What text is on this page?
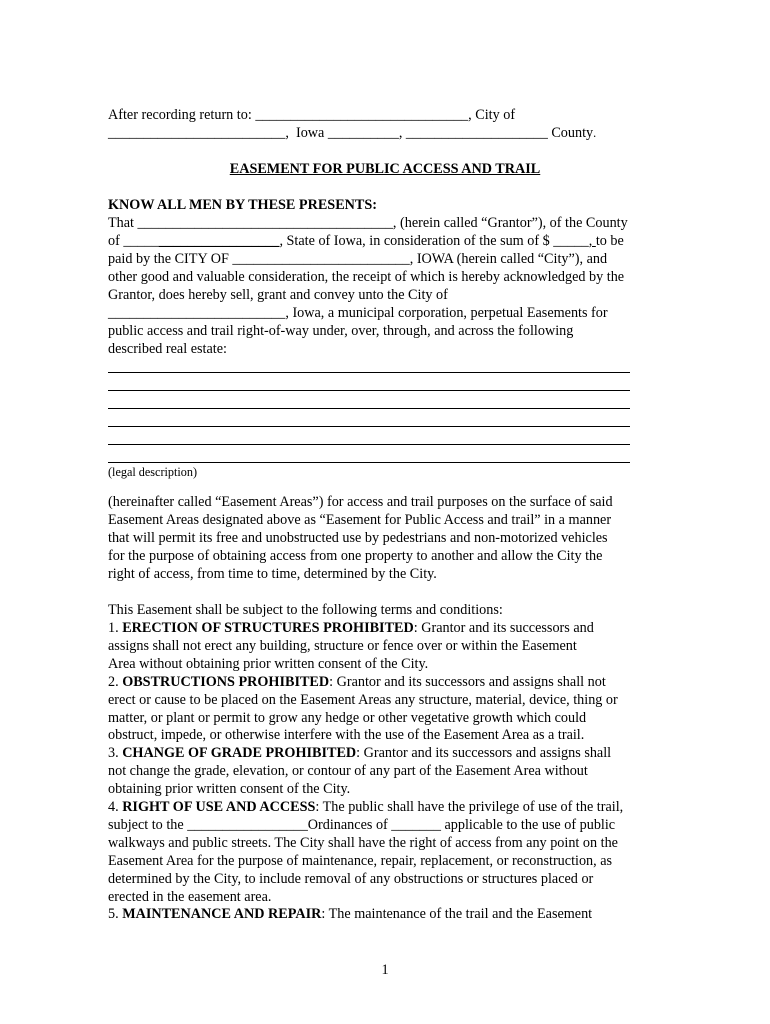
After recording return to: ______________________________, City of
_________________________,  Iowa __________, ____________________ County.
EASEMENT FOR PUBLIC ACCESS AND TRAIL
KNOW ALL MEN BY THESE PRESENTS:
That ____________________________________, (herein called “Grantor”), of the County
of ______________________, State of Iowa, in consideration of the sum of $ _____, to be
paid by the CITY OF _________________________, IOWA (herein called “City”), and
other good and valuable consideration, the receipt of which is hereby acknowledged by the
Grantor, does hereby sell, grant and convey unto the City of
_________________________, Iowa, a municipal corporation, perpetual Easements for
public access and trail right-of-way under, over, through, and across the following
described real estate:
(legal description)
(hereinafter called “Easement Areas”) for access and trail purposes on the surface of said
Easement Areas designated above as “Easement for Public Access and trail” in a manner
that will permit its free and unobstructed use by pedestrians and non-motorized vehicles
for the purpose of obtaining access from one property to another and allow the City the
right of access, from time to time, determined by the City.
This Easement shall be subject to the following terms and conditions:
1. ERECTION OF STRUCTURES PROHIBITED: Grantor and its successors and
assigns shall not erect any building, structure or fence over or within the Easement
Area without obtaining prior written consent of the City.
2. OBSTRUCTIONS PROHIBITED: Grantor and its successors and assigns shall not
erect or cause to be placed on the Easement Areas any structure, material, device, thing or
matter, or plant or permit to grow any hedge or other vegetative growth which could
obstruct, impede, or otherwise interfere with the use of the Easement Area as a trail.
3. CHANGE OF GRADE PROHIBITED: Grantor and its successors and assigns shall
not change the grade, elevation, or contour of any part of the Easement Area without
obtaining prior written consent of the City.
4. RIGHT OF USE AND ACCESS: The public shall have the privilege of use of the trail,
subject to the _________________Ordinances of _______ applicable to the use of public
walkways and public streets. The City shall have the right of access from any point on the
Easement Area for the purpose of maintenance, repair, replacement, or reconstruction, as
determined by the City, to include removal of any obstructions or structures placed or
erected in the easement area.
5. MAINTENANCE AND REPAIR: The maintenance of the trail and the Easement
1
